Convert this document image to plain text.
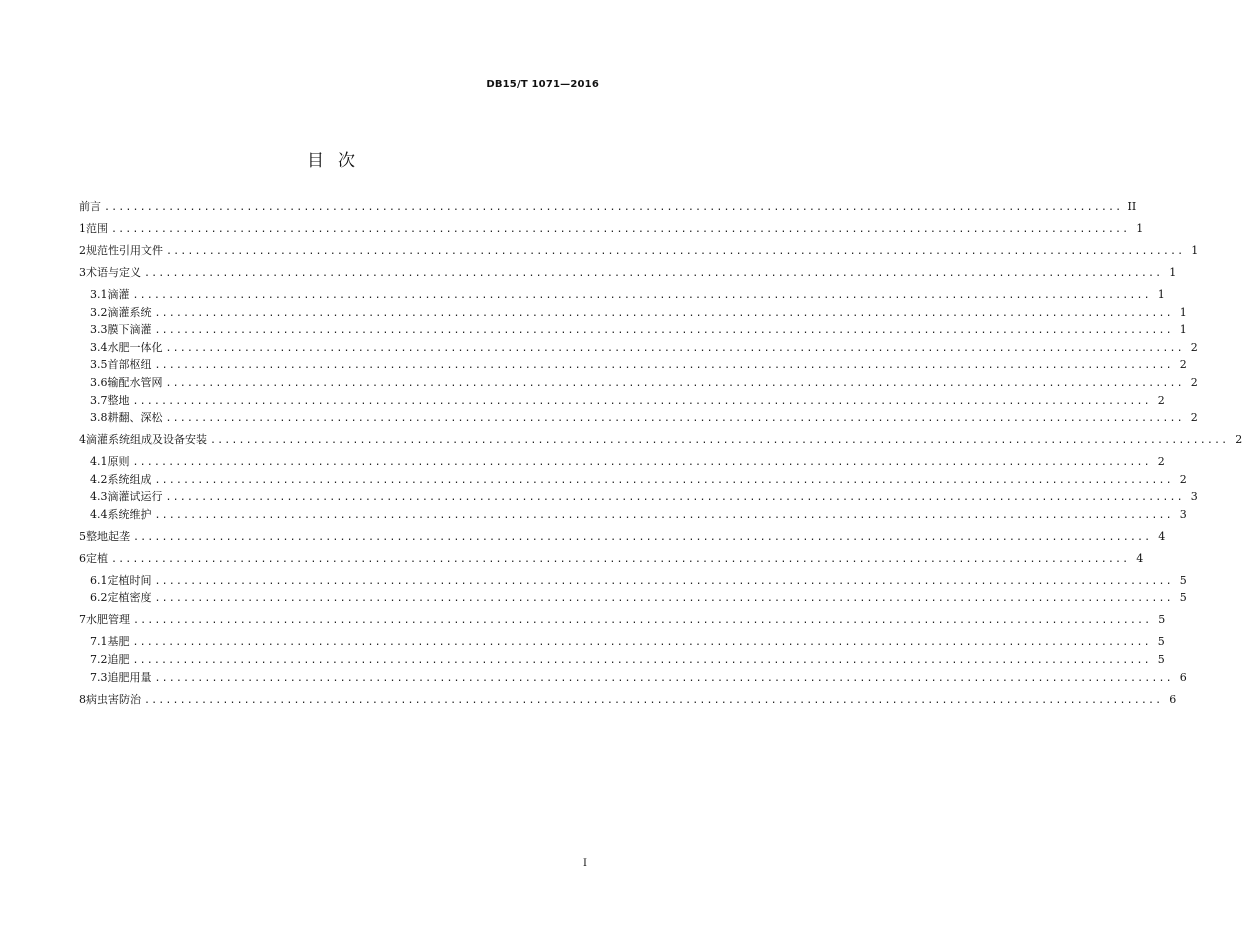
DB15/T 1071—2016
目次
前言 ............................................................................................................................................... II
1 范围 ............................................................................................................................................... 1
2 规范性引用文件 ............................................................................................................................................... 1
3 术语与定义 ............................................................................................................................................... 1
3.1 滴灌 ............................................................................................................................................... 1
3.2 滴灌系统 ............................................................................................................................................... 1
3.3 膜下滴灌 ............................................................................................................................................... 1
3.4 水肥一体化 ............................................................................................................................................... 2
3.5 首部枢纽 ............................................................................................................................................... 2
3.6 输配水管网 ............................................................................................................................................... 2
3.7 整地 ............................................................................................................................................... 2
3.8 耕翻、深松 ............................................................................................................................................... 2
4 滴灌系统组成及设备安装 ............................................................................................................................................... 2
4.1 原则 ............................................................................................................................................... 2
4.2 系统组成 ............................................................................................................................................... 2
4.3 滴灌试运行 ............................................................................................................................................... 3
4.4 系统维护 ............................................................................................................................................... 3
5 整地起垄 ............................................................................................................................................... 4
6 定植 ............................................................................................................................................... 4
6.1 定植时间 ............................................................................................................................................... 5
6.2 定植密度 ............................................................................................................................................... 5
7 水肥管理 ............................................................................................................................................... 5
7.1 基肥 ............................................................................................................................................... 5
7.2 追肥 ............................................................................................................................................... 5
7.3 追肥用量 ............................................................................................................................................... 6
8 病虫害防治 ............................................................................................................................................... 6
I
